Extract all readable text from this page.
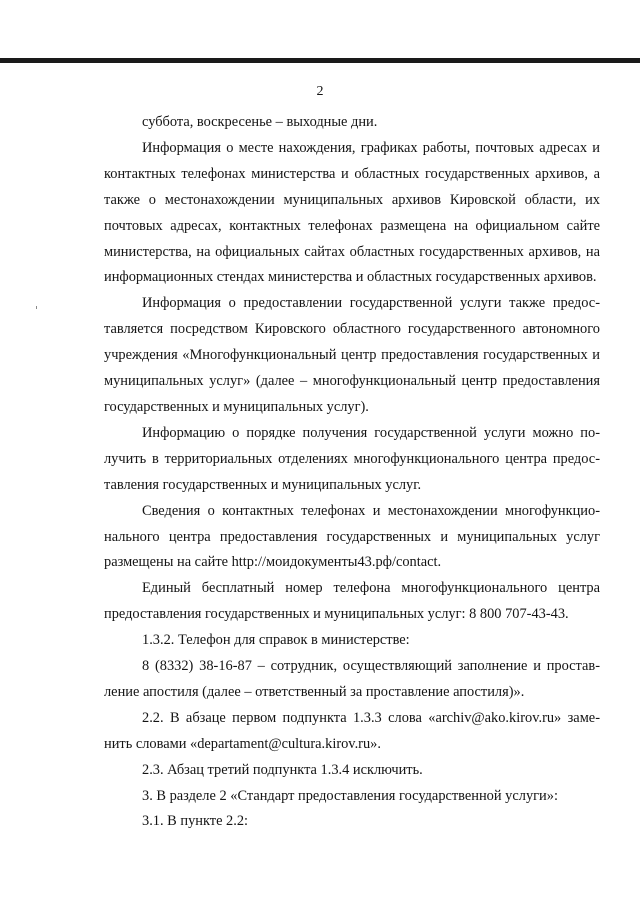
2

суббота, воскресенье – выходные дни.

Информация о месте нахождения, графиках работы, почтовых адресах и контактных телефонах министерства и областных государственных архивов, а также о местонахождении муниципальных архивов Кировской области, их почтовых адресах, контактных телефонах размещена на официальном сайте министерства, на официальных сайтах областных государственных архивов, на информационных стендах министерства и областных государственных архивов.

Информация о предоставлении государственной услуги также предоставляется посредством Кировского областного государственного автономного учреждения «Многофункциональный центр предоставления государственных и муниципальных услуг» (далее – многофункциональный центр предоставления государственных и муниципальных услуг).

Информацию о порядке получения государственной услуги можно получить в территориальных отделениях многофункционального центра предоставления государственных и муниципальных услуг.

Сведения о контактных телефонах и местонахождении многофункционального центра предоставления государственных и муниципальных услуг размещены на сайте http://моидокументы43.рф/contact.

Единый бесплатный номер телефона многофункционального центра предоставления государственных и муниципальных услуг: 8 800 707-43-43.

1.3.2. Телефон для справок в министерстве:

8 (8332) 38-16-87 – сотрудник, осуществляющий заполнение и проставление апостиля (далее – ответственный за проставление апостиля)».

2.2. В абзаце первом подпункта 1.3.3 слова «archiv@ako.kirov.ru» заменить словами «departament@cultura.kirov.ru».

2.3. Абзац третий подпункта 1.3.4 исключить.

3. В разделе 2 «Стандарт предоставления государственной услуги»:

3.1. В пункте 2.2:
